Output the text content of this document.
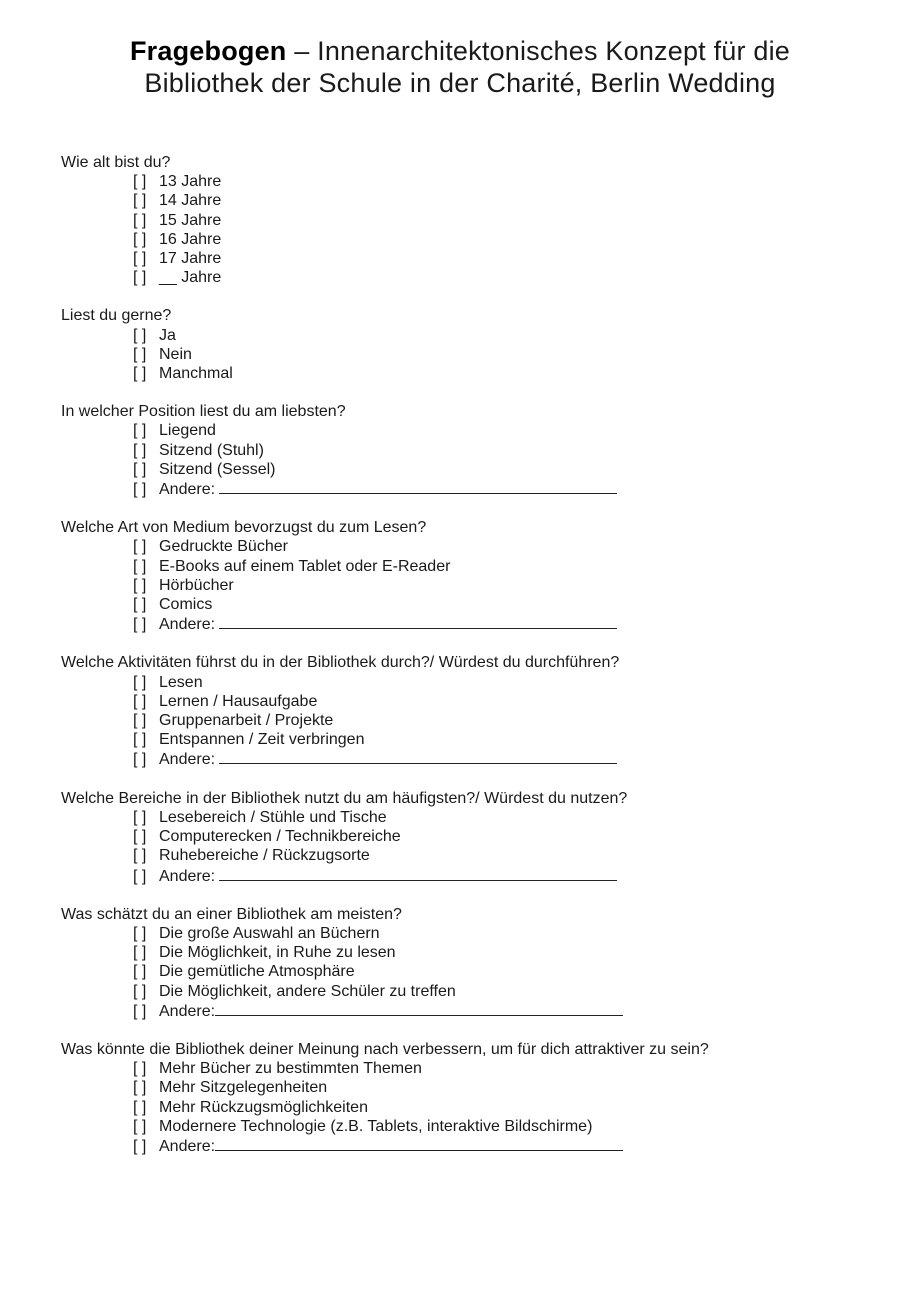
Fragebogen – Innenarchitektonisches Konzept für die
Bibliothek der Schule in der Charité, Berlin Wedding

Wie alt bist du?

[ ] 13 Jahre
[ ] 14 Jahre
[ ] 15 Jahre
[ ] 16 Jahre
[ ] 17 Jahre
[ ] __ Jahre

Liest du gerne?

[ ] Ja
[ ] Nein
[ ] Manchmal

In welcher Position liest du am liebsten?

[ ] Liegend
[ ] Sitzend (Stuhl)
[ ] Sitzend (Sessel)
[ ] Andere:

Welche Art von Medium bevorzugst du zum Lesen?

[ ] Gedruckte Bücher
[ ] E-Books auf einem Tablet oder E-Reader
[ ] Hörbücher
[ ] Comics
[ ] Andere:

Welche Aktivitäten führst du in der Bibliothek durch?/ Würdest du durchführen?

[ ] Lesen
[ ] Lernen / Hausaufgabe
[ ] Gruppenarbeit / Projekte
[ ] Entspannen / Zeit verbringen
[ ] Andere:

Welche Bereiche in der Bibliothek nutzt du am häufigsten?/ Würdest du nutzen?

[ ] Lesebereich / Stühle und Tische
[ ] Computerecken / Technikbereiche
[ ] Ruhebereiche / Rückzugsorte
[ ] Andere:

Was schätzt du an einer Bibliothek am meisten?

[ ] Die große Auswahl an Büchern
[ ] Die Möglichkeit, in Ruhe zu lesen
[ ] Die gemütliche Atmosphäre
[ ] Die Möglichkeit, andere Schüler zu treffen
[ ] Andere:

Was könnte die Bibliothek deiner Meinung nach verbessern, um für dich attraktiver zu sein?

[ ] Mehr Bücher zu bestimmten Themen
[ ] Mehr Sitzgelegenheiten
[ ] Mehr Rückzugsmöglichkeiten
[ ] Modernere Technologie (z.B. Tablets, interaktive Bildschirme)
[ ] Andere:
